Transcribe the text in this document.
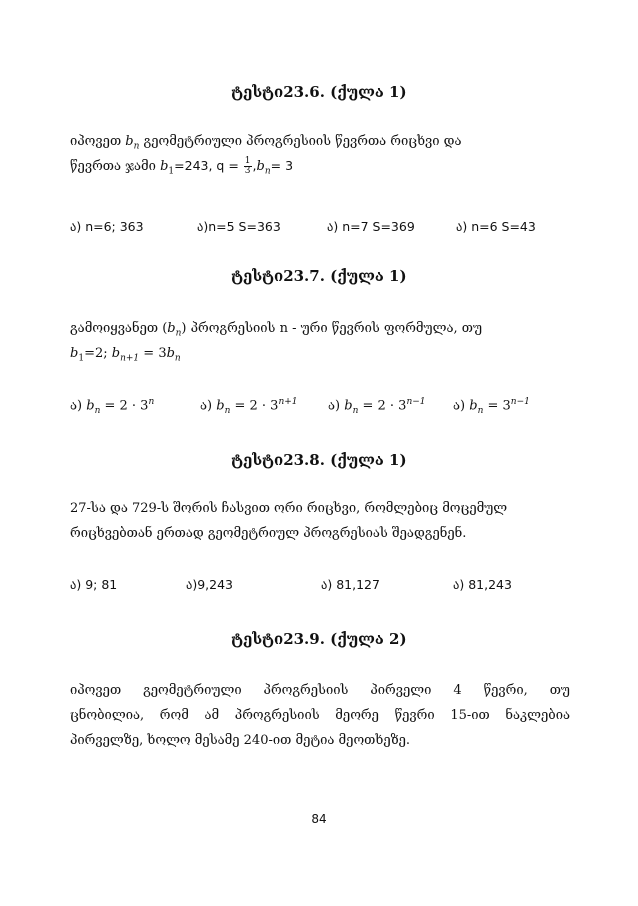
ტესტი23.6. (ქულა 1)
იპოვეთ $b_n$ გეომეტრიული პროგრესიის წევრთა რიცხვი და
წევრთა ჯამი $b_1=243$, $q = \frac{1}{3} ,b_n= 3$
ა) n=6; 363	ა)n=5 S=363	ა) n=7 S=369	ა) n=6 S=43
ტესტი23.7. (ქულა 1)
გამოიყვანეთ $(b_n)$ პროგრესიის n - ური წევრის ფორმულა, თუ
$b_1=2$; $b_{n+1} = 3b_n$
ა) $b_n = 2 \cdot 3^n$	ა) $b_n = 2 \cdot 3^{n+1}$ ა) $b_n = 2 \cdot 3^{n-1}$ ა) $b_n = 3^{n-1}$
ტესტი23.8. (ქულა 1)
27-სა და 729-ს შორის ჩასვით ორი რიცხვი, რომლებიც მოცემულ
რიცხვებთან ერთად გეომეტრიულ პროგრესიას შეადგენენ.
ა) 9; 81	ა)9,243	ა) 81,127	ა) 81,243
ტესტი23.9. (ქულა 2)
იპოვეთ გეომეტრიული პროგრესიის პირველი 4 წევრი, თუ
ცნობილია, რომ ამ პროგრესიის მეორე წევრი 15-ით ნაკლებია
პირველზე, ხოლო მესამე 240-ით მეტია მეოთხეზე.
84
